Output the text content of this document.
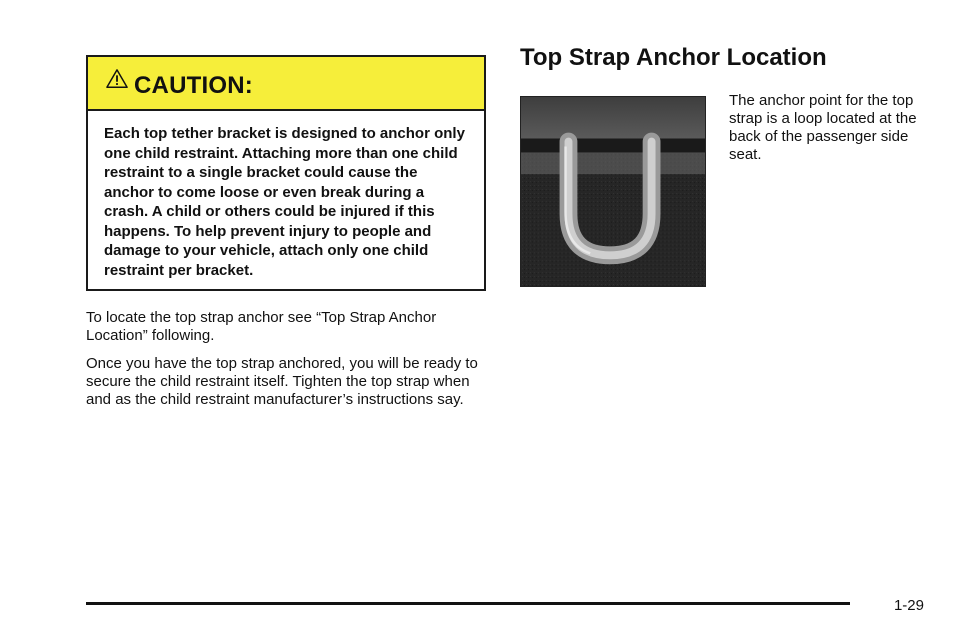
CAUTION:
Each top tether bracket is designed to anchor only one child restraint. Attaching more than one child restraint to a single bracket could cause the anchor to come loose or even break during a crash. A child or others could be injured if this happens. To help prevent injury to people and damage to your vehicle, attach only one child restraint per bracket.

To locate the top strap anchor see “Top Strap Anchor Location” following.

Once you have the top strap anchored, you will be ready to secure the child restraint itself. Tighten the top strap when and as the child restraint manufacturer’s instructions say.

Top Strap Anchor Location

The anchor point for the top strap is a loop located at the back of the passenger side seat.

1-29
